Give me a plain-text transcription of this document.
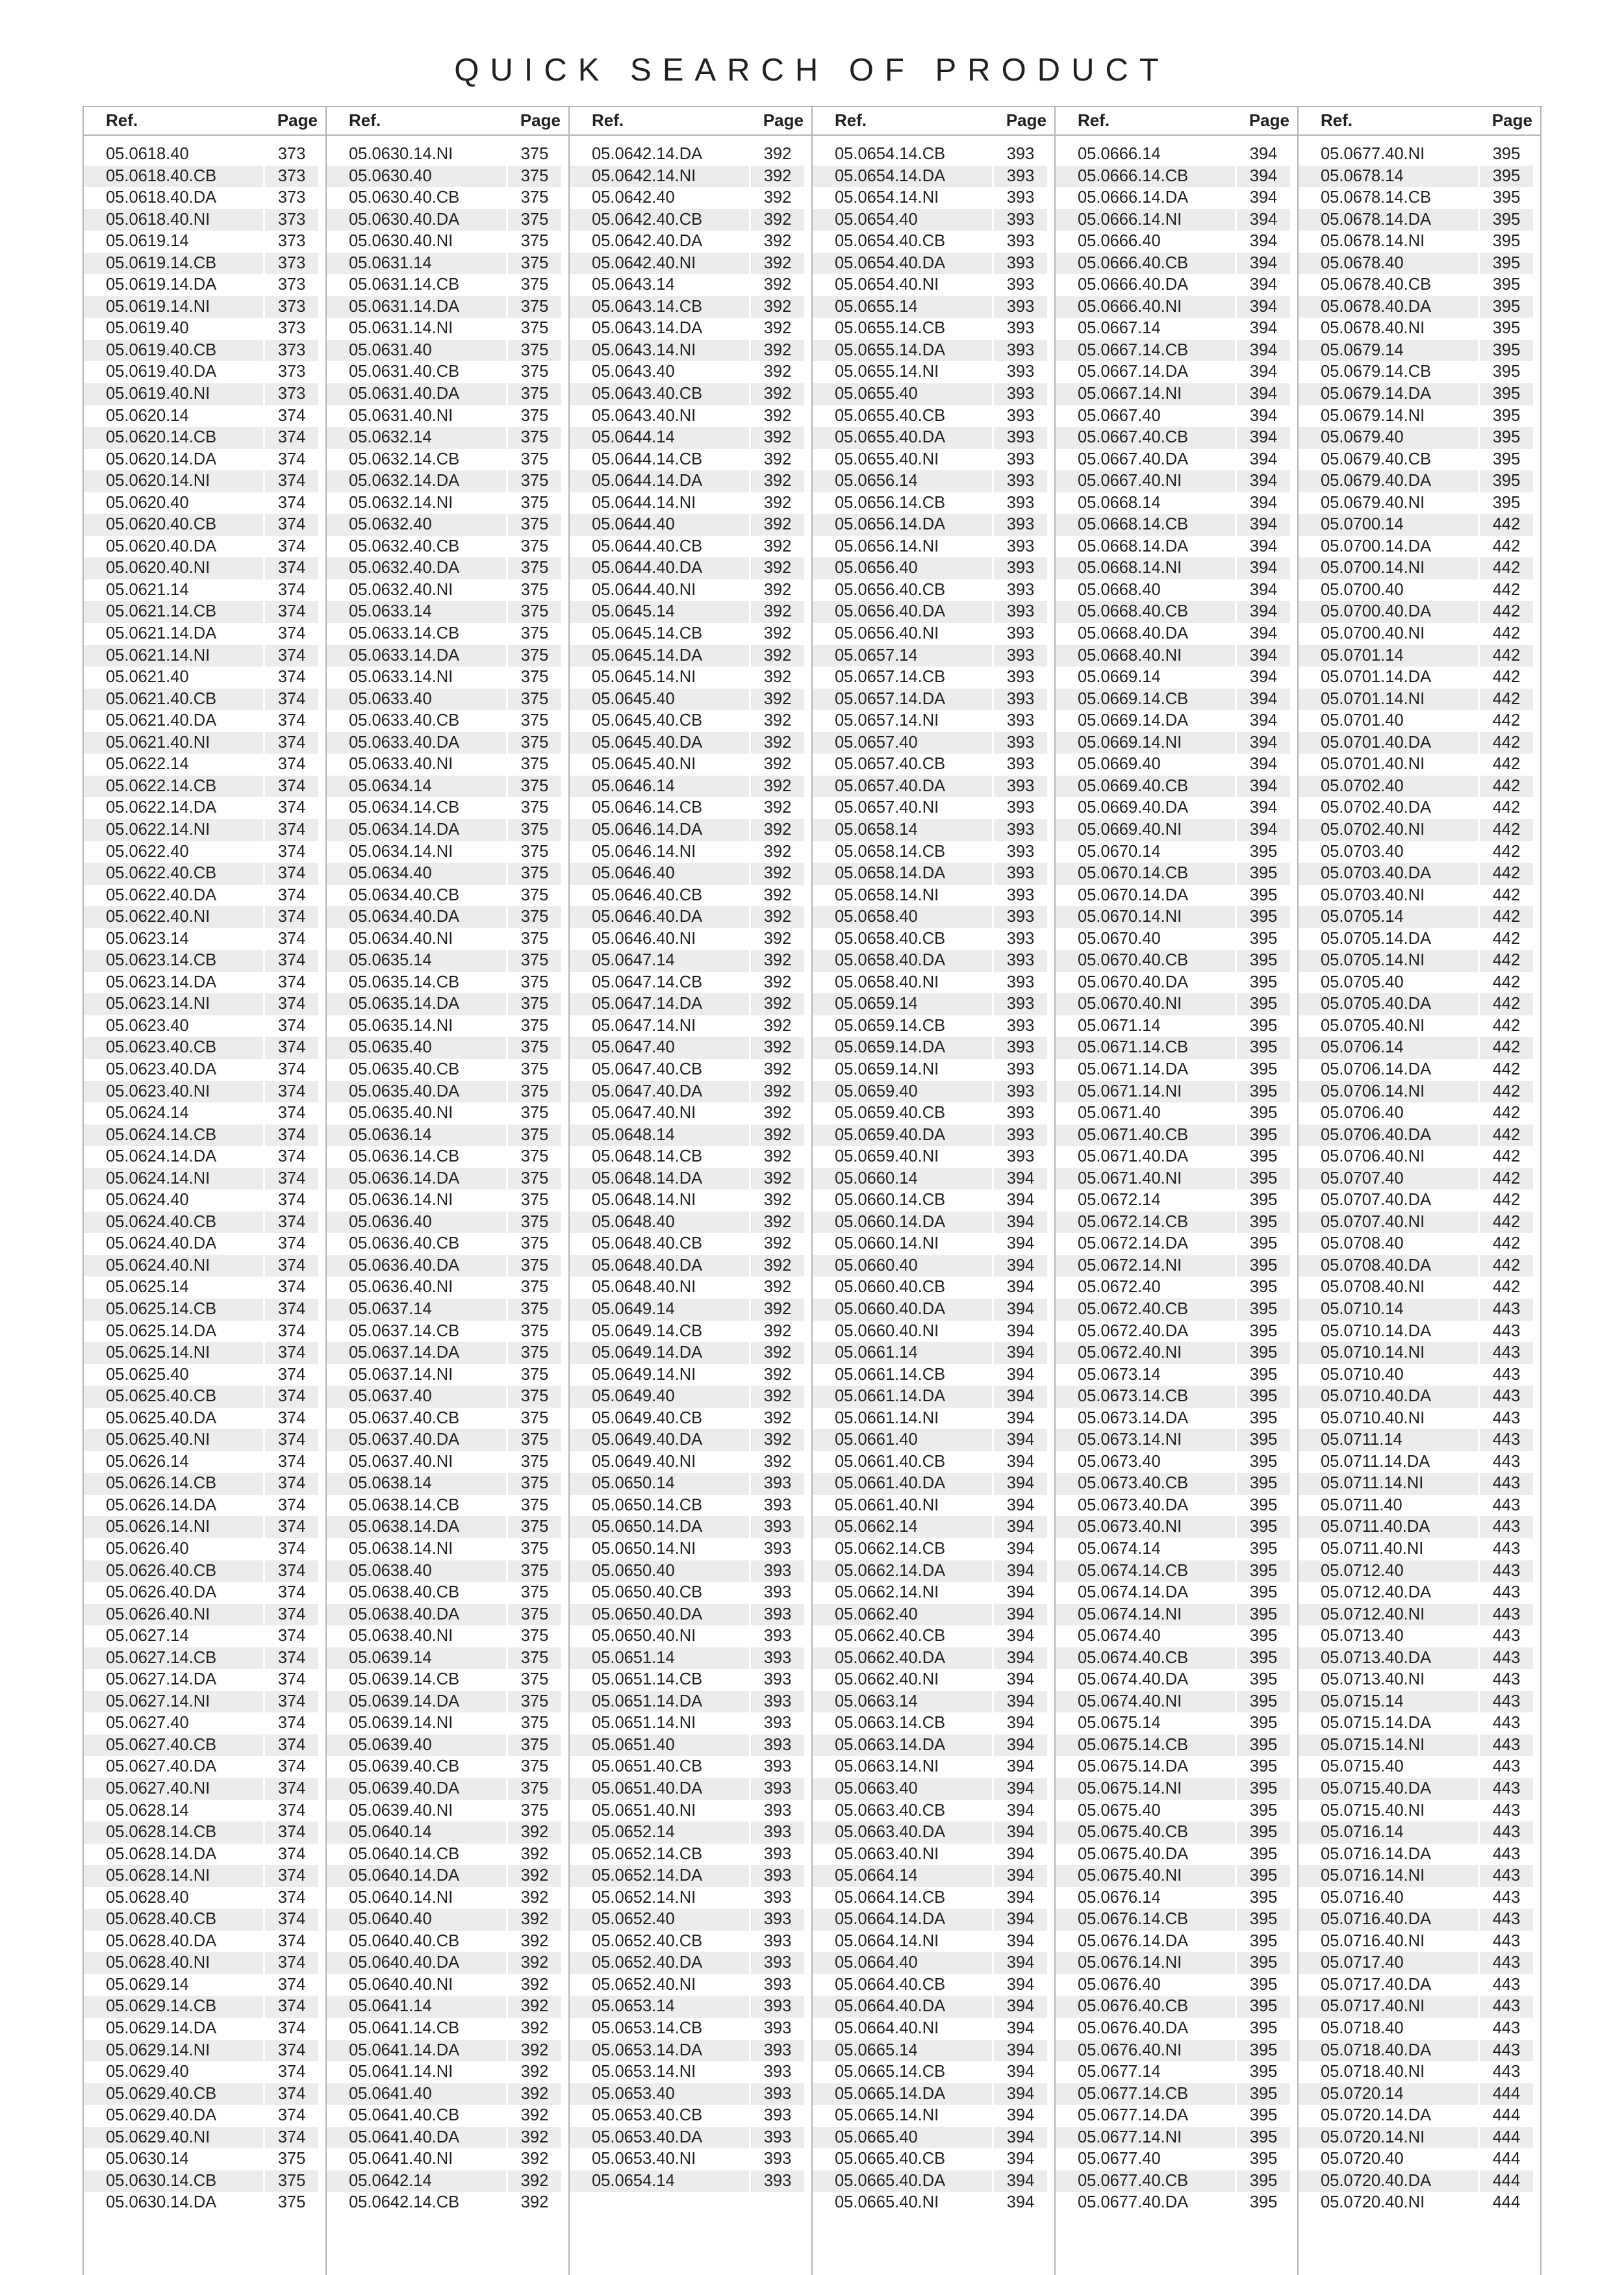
QUICK SEARCH OF PRODUCT
Ref.	Page
05.0618.40	373
05.0618.40.CB	373
05.0618.40.DA	373
05.0618.40.NI	373
05.0619.14	373
05.0619.14.CB	373
05.0619.14.DA	373
05.0619.14.NI	373
05.0619.40	373
05.0619.40.CB	373
05.0619.40.DA	373
05.0619.40.NI	373
05.0620.14	374
05.0620.14.CB	374
05.0620.14.DA	374
05.0620.14.NI	374
05.0620.40	374
05.0620.40.CB	374
05.0620.40.DA	374
05.0620.40.NI	374
05.0621.14	374
05.0621.14.CB	374
05.0621.14.DA	374
05.0621.14.NI	374
05.0621.40	374
05.0621.40.CB	374
05.0621.40.DA	374
05.0621.40.NI	374
05.0622.14	374
05.0622.14.CB	374
05.0622.14.DA	374
05.0622.14.NI	374
05.0622.40	374
05.0622.40.CB	374
05.0622.40.DA	374
05.0622.40.NI	374
05.0623.14	374
05.0623.14.CB	374
05.0623.14.DA	374
05.0623.14.NI	374
05.0623.40	374
05.0623.40.CB	374
05.0623.40.DA	374
05.0623.40.NI	374
05.0624.14	374
05.0624.14.CB	374
05.0624.14.DA	374
05.0624.14.NI	374
05.0624.40	374
05.0624.40.CB	374
05.0624.40.DA	374
05.0624.40.NI	374
05.0625.14	374
05.0625.14.CB	374
05.0625.14.DA	374
05.0625.14.NI	374
05.0625.40	374
05.0625.40.CB	374
05.0625.40.DA	374
05.0625.40.NI	374
05.0626.14	374
05.0626.14.CB	374
05.0626.14.DA	374
05.0626.14.NI	374
05.0626.40	374
05.0626.40.CB	374
05.0626.40.DA	374
05.0626.40.NI	374
05.0627.14	374
05.0627.14.CB	374
05.0627.14.DA	374
05.0627.14.NI	374
05.0627.40	374
05.0627.40.CB	374
05.0627.40.DA	374
05.0627.40.NI	374
05.0628.14	374
05.0628.14.CB	374
05.0628.14.DA	374
05.0628.14.NI	374
05.0628.40	374
05.0628.40.CB	374
05.0628.40.DA	374
05.0628.40.NI	374
05.0629.14	374
05.0629.14.CB	374
05.0629.14.DA	374
05.0629.14.NI	374
05.0629.40	374
05.0629.40.CB	374
05.0629.40.DA	374
05.0629.40.NI	374
05.0630.14	375
05.0630.14.CB	375
05.0630.14.DA	375
Ref.	Page
05.0630.14.NI	375
05.0630.40	375
05.0630.40.CB	375
05.0630.40.DA	375
05.0630.40.NI	375
05.0631.14	375
05.0631.14.CB	375
05.0631.14.DA	375
05.0631.14.NI	375
05.0631.40	375
05.0631.40.CB	375
05.0631.40.DA	375
05.0631.40.NI	375
05.0632.14	375
05.0632.14.CB	375
05.0632.14.DA	375
05.0632.14.NI	375
05.0632.40	375
05.0632.40.CB	375
05.0632.40.DA	375
05.0632.40.NI	375
05.0633.14	375
05.0633.14.CB	375
05.0633.14.DA	375
05.0633.14.NI	375
05.0633.40	375
05.0633.40.CB	375
05.0633.40.DA	375
05.0633.40.NI	375
05.0634.14	375
05.0634.14.CB	375
05.0634.14.DA	375
05.0634.14.NI	375
05.0634.40	375
05.0634.40.CB	375
05.0634.40.DA	375
05.0634.40.NI	375
05.0635.14	375
05.0635.14.CB	375
05.0635.14.DA	375
05.0635.14.NI	375
05.0635.40	375
05.0635.40.CB	375
05.0635.40.DA	375
05.0635.40.NI	375
05.0636.14	375
05.0636.14.CB	375
05.0636.14.DA	375
05.0636.14.NI	375
05.0636.40	375
05.0636.40.CB	375
05.0636.40.DA	375
05.0636.40.NI	375
05.0637.14	375
05.0637.14.CB	375
05.0637.14.DA	375
05.0637.14.NI	375
05.0637.40	375
05.0637.40.CB	375
05.0637.40.DA	375
05.0637.40.NI	375
05.0638.14	375
05.0638.14.CB	375
05.0638.14.DA	375
05.0638.14.NI	375
05.0638.40	375
05.0638.40.CB	375
05.0638.40.DA	375
05.0638.40.NI	375
05.0639.14	375
05.0639.14.CB	375
05.0639.14.DA	375
05.0639.14.NI	375
05.0639.40	375
05.0639.40.CB	375
05.0639.40.DA	375
05.0639.40.NI	375
05.0640.14	392
05.0640.14.CB	392
05.0640.14.DA	392
05.0640.14.NI	392
05.0640.40	392
05.0640.40.CB	392
05.0640.40.DA	392
05.0640.40.NI	392
05.0641.14	392
05.0641.14.CB	392
05.0641.14.DA	392
05.0641.14.NI	392
05.0641.40	392
05.0641.40.CB	392
05.0641.40.DA	392
05.0641.40.NI	392
05.0642.14	392
05.0642.14.CB	392
Ref.	Page
05.0642.14.DA	392
05.0642.14.NI	392
05.0642.40	392
05.0642.40.CB	392
05.0642.40.DA	392
05.0642.40.NI	392
05.0643.14	392
05.0643.14.CB	392
05.0643.14.DA	392
05.0643.14.NI	392
05.0643.40	392
05.0643.40.CB	392
05.0643.40.NI	392
05.0644.14	392
05.0644.14.CB	392
05.0644.14.DA	392
05.0644.14.NI	392
05.0644.40	392
05.0644.40.CB	392
05.0644.40.DA	392
05.0644.40.NI	392
05.0645.14	392
05.0645.14.CB	392
05.0645.14.DA	392
05.0645.14.NI	392
05.0645.40	392
05.0645.40.CB	392
05.0645.40.DA	392
05.0645.40.NI	392
05.0646.14	392
05.0646.14.CB	392
05.0646.14.DA	392
05.0646.14.NI	392
05.0646.40	392
05.0646.40.CB	392
05.0646.40.DA	392
05.0646.40.NI	392
05.0647.14	392
05.0647.14.CB	392
05.0647.14.DA	392
05.0647.14.NI	392
05.0647.40	392
05.0647.40.CB	392
05.0647.40.DA	392
05.0647.40.NI	392
05.0648.14	392
05.0648.14.CB	392
05.0648.14.DA	392
05.0648.14.NI	392
05.0648.40	392
05.0648.40.CB	392
05.0648.40.DA	392
05.0648.40.NI	392
05.0649.14	392
05.0649.14.CB	392
05.0649.14.DA	392
05.0649.14.NI	392
05.0649.40	392
05.0649.40.CB	392
05.0649.40.DA	392
05.0649.40.NI	392
05.0650.14	393
05.0650.14.CB	393
05.0650.14.DA	393
05.0650.14.NI	393
05.0650.40	393
05.0650.40.CB	393
05.0650.40.DA	393
05.0650.40.NI	393
05.0651.14	393
05.0651.14.CB	393
05.0651.14.DA	393
05.0651.14.NI	393
05.0651.40	393
05.0651.40.CB	393
05.0651.40.DA	393
05.0651.40.NI	393
05.0652.14	393
05.0652.14.CB	393
05.0652.14.DA	393
05.0652.14.NI	393
05.0652.40	393
05.0652.40.CB	393
05.0652.40.DA	393
05.0652.40.NI	393
05.0653.14	393
05.0653.14.CB	393
05.0653.14.DA	393
05.0653.14.NI	393
05.0653.40	393
05.0653.40.CB	393
05.0653.40.DA	393
05.0653.40.NI	393
05.0654.14	393
Ref.	Page
05.0654.14.CB	393
05.0654.14.DA	393
05.0654.14.NI	393
05.0654.40	393
05.0654.40.CB	393
05.0654.40.DA	393
05.0654.40.NI	393
05.0655.14	393
05.0655.14.CB	393
05.0655.14.DA	393
05.0655.14.NI	393
05.0655.40	393
05.0655.40.CB	393
05.0655.40.DA	393
05.0655.40.NI	393
05.0656.14	393
05.0656.14.CB	393
05.0656.14.DA	393
05.0656.14.NI	393
05.0656.40	393
05.0656.40.CB	393
05.0656.40.DA	393
05.0656.40.NI	393
05.0657.14	393
05.0657.14.CB	393
05.0657.14.DA	393
05.0657.14.NI	393
05.0657.40	393
05.0657.40.CB	393
05.0657.40.DA	393
05.0657.40.NI	393
05.0658.14	393
05.0658.14.CB	393
05.0658.14.DA	393
05.0658.14.NI	393
05.0658.40	393
05.0658.40.CB	393
05.0658.40.DA	393
05.0658.40.NI	393
05.0659.14	393
05.0659.14.CB	393
05.0659.14.DA	393
05.0659.14.NI	393
05.0659.40	393
05.0659.40.CB	393
05.0659.40.DA	393
05.0659.40.NI	393
05.0660.14	394
05.0660.14.CB	394
05.0660.14.DA	394
05.0660.14.NI	394
05.0660.40	394
05.0660.40.CB	394
05.0660.40.DA	394
05.0660.40.NI	394
05.0661.14	394
05.0661.14.CB	394
05.0661.14.DA	394
05.0661.14.NI	394
05.0661.40	394
05.0661.40.CB	394
05.0661.40.DA	394
05.0661.40.NI	394
05.0662.14	394
05.0662.14.CB	394
05.0662.14.DA	394
05.0662.14.NI	394
05.0662.40	394
05.0662.40.CB	394
05.0662.40.DA	394
05.0662.40.NI	394
05.0663.14	394
05.0663.14.CB	394
05.0663.14.DA	394
05.0663.14.NI	394
05.0663.40	394
05.0663.40.CB	394
05.0663.40.DA	394
05.0663.40.NI	394
05.0664.14	394
05.0664.14.CB	394
05.0664.14.DA	394
05.0664.14.NI	394
05.0664.40	394
05.0664.40.CB	394
05.0664.40.DA	394
05.0664.40.NI	394
05.0665.14	394
05.0665.14.CB	394
05.0665.14.DA	394
05.0665.14.NI	394
05.0665.40	394
05.0665.40.CB	394
05.0665.40.DA	394
05.0665.40.NI	394
Ref.	Page
05.0666.14	394
05.0666.14.CB	394
05.0666.14.DA	394
05.0666.14.NI	394
05.0666.40	394
05.0666.40.CB	394
05.0666.40.DA	394
05.0666.40.NI	394
05.0667.14	394
05.0667.14.CB	394
05.0667.14.DA	394
05.0667.14.NI	394
05.0667.40	394
05.0667.40.CB	394
05.0667.40.DA	394
05.0667.40.NI	394
05.0668.14	394
05.0668.14.CB	394
05.0668.14.DA	394
05.0668.14.NI	394
05.0668.40	394
05.0668.40.CB	394
05.0668.40.DA	394
05.0668.40.NI	394
05.0669.14	394
05.0669.14.CB	394
05.0669.14.DA	394
05.0669.14.NI	394
05.0669.40	394
05.0669.40.CB	394
05.0669.40.DA	394
05.0669.40.NI	394
05.0670.14	395
05.0670.14.CB	395
05.0670.14.DA	395
05.0670.14.NI	395
05.0670.40	395
05.0670.40.CB	395
05.0670.40.DA	395
05.0670.40.NI	395
05.0671.14	395
05.0671.14.CB	395
05.0671.14.DA	395
05.0671.14.NI	395
05.0671.40	395
05.0671.40.CB	395
05.0671.40.DA	395
05.0671.40.NI	395
05.0672.14	395
05.0672.14.CB	395
05.0672.14.DA	395
05.0672.14.NI	395
05.0672.40	395
05.0672.40.CB	395
05.0672.40.DA	395
05.0672.40.NI	395
05.0673.14	395
05.0673.14.CB	395
05.0673.14.DA	395
05.0673.14.NI	395
05.0673.40	395
05.0673.40.CB	395
05.0673.40.DA	395
05.0673.40.NI	395
05.0674.14	395
05.0674.14.CB	395
05.0674.14.DA	395
05.0674.14.NI	395
05.0674.40	395
05.0674.40.CB	395
05.0674.40.DA	395
05.0674.40.NI	395
05.0675.14	395
05.0675.14.CB	395
05.0675.14.DA	395
05.0675.14.NI	395
05.0675.40	395
05.0675.40.CB	395
05.0675.40.DA	395
05.0675.40.NI	395
05.0676.14	395
05.0676.14.CB	395
05.0676.14.DA	395
05.0676.14.NI	395
05.0676.40	395
05.0676.40.CB	395
05.0676.40.DA	395
05.0676.40.NI	395
05.0677.14	395
05.0677.14.CB	395
05.0677.14.DA	395
05.0677.14.NI	395
05.0677.40	395
05.0677.40.CB	395
05.0677.40.DA	395
Ref.	Page
05.0677.40.NI	395
05.0678.14	395
05.0678.14.CB	395
05.0678.14.DA	395
05.0678.14.NI	395
05.0678.40	395
05.0678.40.CB	395
05.0678.40.DA	395
05.0678.40.NI	395
05.0679.14	395
05.0679.14.CB	395
05.0679.14.DA	395
05.0679.14.NI	395
05.0679.40	395
05.0679.40.CB	395
05.0679.40.DA	395
05.0679.40.NI	395
05.0700.14	442
05.0700.14.DA	442
05.0700.14.NI	442
05.0700.40	442
05.0700.40.DA	442
05.0700.40.NI	442
05.0701.14	442
05.0701.14.DA	442
05.0701.14.NI	442
05.0701.40	442
05.0701.40.DA	442
05.0701.40.NI	442
05.0702.40	442
05.0702.40.DA	442
05.0702.40.NI	442
05.0703.40	442
05.0703.40.DA	442
05.0703.40.NI	442
05.0705.14	442
05.0705.14.DA	442
05.0705.14.NI	442
05.0705.40	442
05.0705.40.DA	442
05.0705.40.NI	442
05.0706.14	442
05.0706.14.DA	442
05.0706.14.NI	442
05.0706.40	442
05.0706.40.DA	442
05.0706.40.NI	442
05.0707.40	442
05.0707.40.DA	442
05.0707.40.NI	442
05.0708.40	442
05.0708.40.DA	442
05.0708.40.NI	442
05.0710.14	443
05.0710.14.DA	443
05.0710.14.NI	443
05.0710.40	443
05.0710.40.DA	443
05.0710.40.NI	443
05.0711.14	443
05.0711.14.DA	443
05.0711.14.NI	443
05.0711.40	443
05.0711.40.DA	443
05.0711.40.NI	443
05.0712.40	443
05.0712.40.DA	443
05.0712.40.NI	443
05.0713.40	443
05.0713.40.DA	443
05.0713.40.NI	443
05.0715.14	443
05.0715.14.DA	443
05.0715.14.NI	443
05.0715.40	443
05.0715.40.DA	443
05.0715.40.NI	443
05.0716.14	443
05.0716.14.DA	443
05.0716.14.NI	443
05.0716.40	443
05.0716.40.DA	443
05.0716.40.NI	443
05.0717.40	443
05.0717.40.DA	443
05.0717.40.NI	443
05.0718.40	443
05.0718.40.DA	443
05.0718.40.NI	443
05.0720.14	444
05.0720.14.DA	444
05.0720.14.NI	444
05.0720.40	444
05.0720.40.DA	444
05.0720.40.NI	444
